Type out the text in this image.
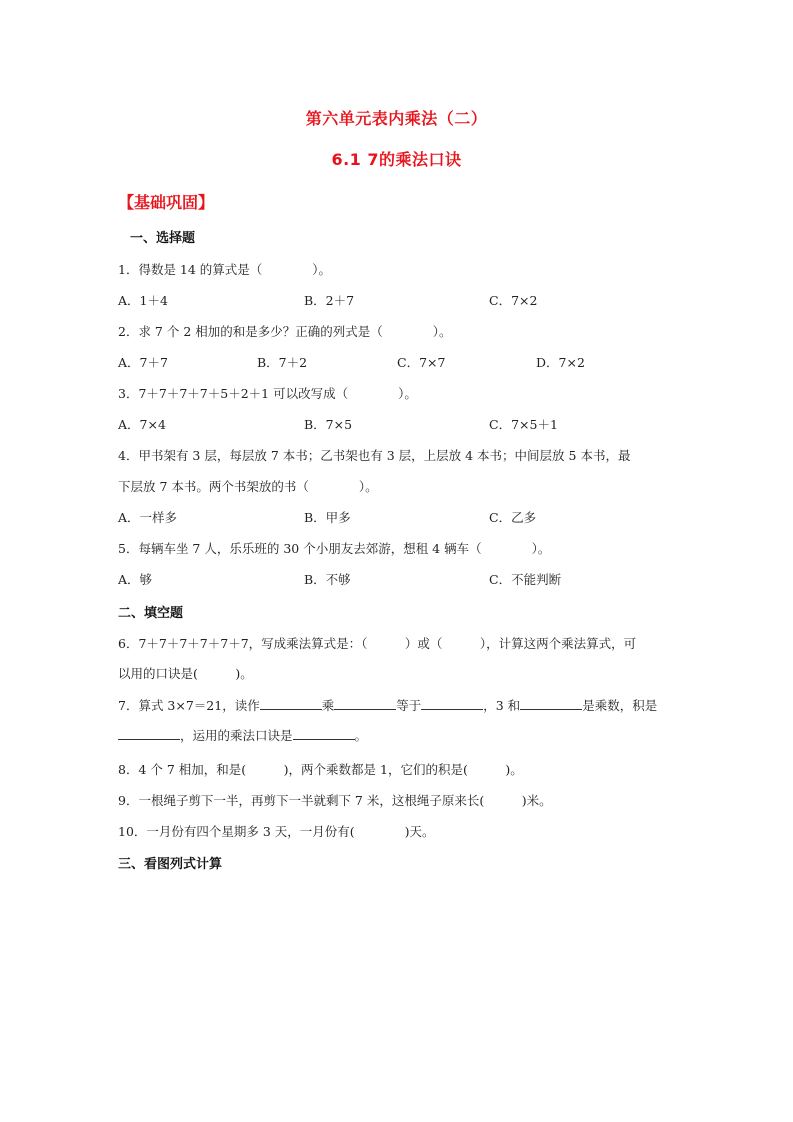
第六单元表内乘法（二）
6.1 7的乘法口诀
【基础巩固】
一、选择题
1．得数是 14 的算式是（　　　　）。
A．1＋4	B．2＋7	C．7×2
2．求 7 个 2 相加的和是多少？正确的列式是（　　　　）。
A．7＋7	B．7＋2	C．7×7	D．7×2
3．7＋7＋7＋7＋5＋2＋1 可以改写成（　　　　）。
A．7×4	B．7×5	C．7×5＋1
4．甲书架有 3 层，每层放 7 本书；乙书架也有 3 层，上层放 4 本书；中间层放 5 本书，最
下层放 7 本书。两个书架放的书（　　　　）。
A．一样多	B．甲多	C．乙多
5．每辆车坐 7 人，乐乐班的 30 个小朋友去郊游，想租 4 辆车（　　　　）。
A．够	B．不够	C．不能判断
二、填空题
6．7＋7＋7＋7＋7＋7，写成乘法算式是：（　　　）或（　　　），计算这两个乘法算式，可
以用的口诀是(　　　)。
7．算式 3×7＝21，读作	乘	等于	，3 和	是乘数，积是
，运用的乘法口诀是	。
8．4 个 7 相加，和是(　　　)，两个乘数都是 1，它们的积是(　　　)。
9．一根绳子剪下一半，再剪下一半就剩下 7 米，这根绳子原来长(　　　)米。
10．一月份有四个星期多 3 天，一月份有(　　　　)天。
三、看图列式计算
